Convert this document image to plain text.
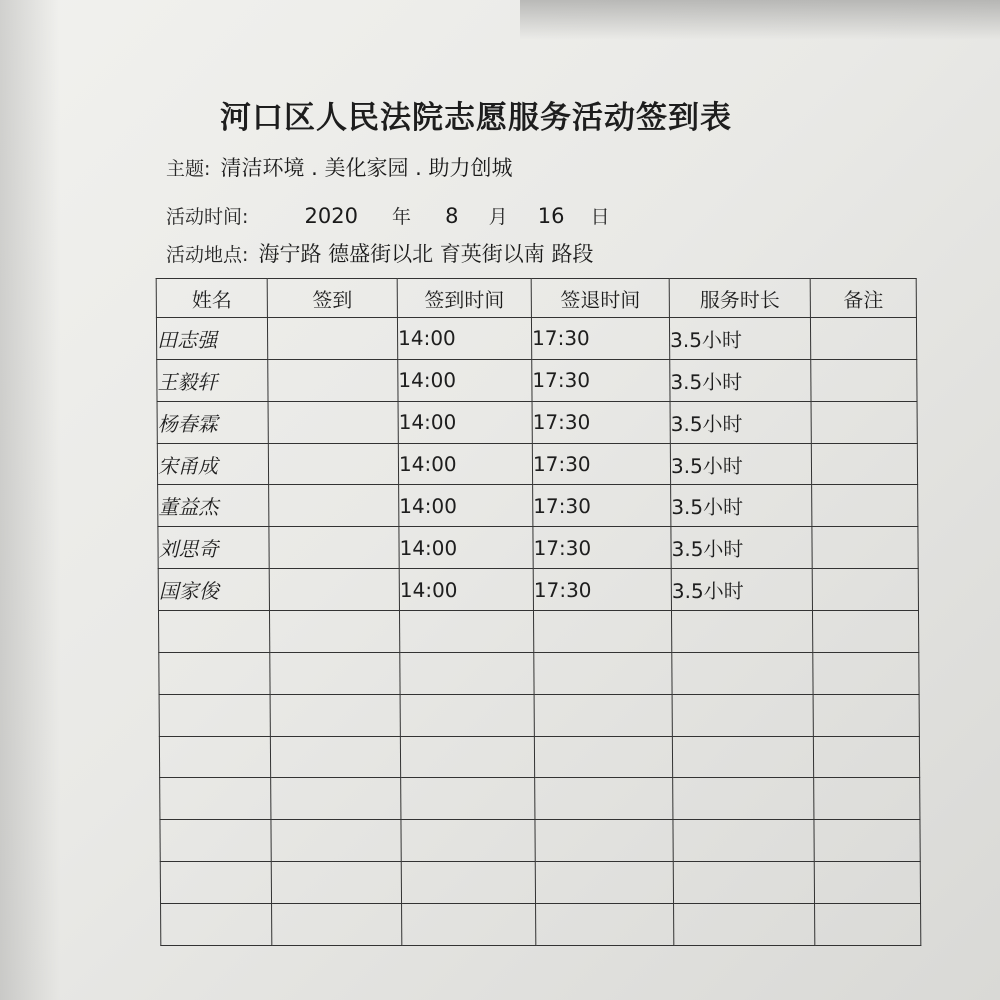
河口区人民法院志愿服务活动签到表
主题: 清洁环境 . 美化家园 . 助力创城
活动时间:	2020 年 8 月 16 日
活动地点: 海宁路 德盛街以北 育英街以南 路段
姓名	签到	签到时间	签退时间	服务时长	备注
田志强		14:00	17:30	3.5小时	
王毅轩		14:00	17:30	3.5小时	
杨春霖		14:00	17:30	3.5小时	
宋甬成		14:00	17:30	3.5小时	
董益杰		14:00	17:30	3.5小时	
刘思奇		14:00	17:30	3.5小时	
国家俊		14:00	17:30	3.5小时	
